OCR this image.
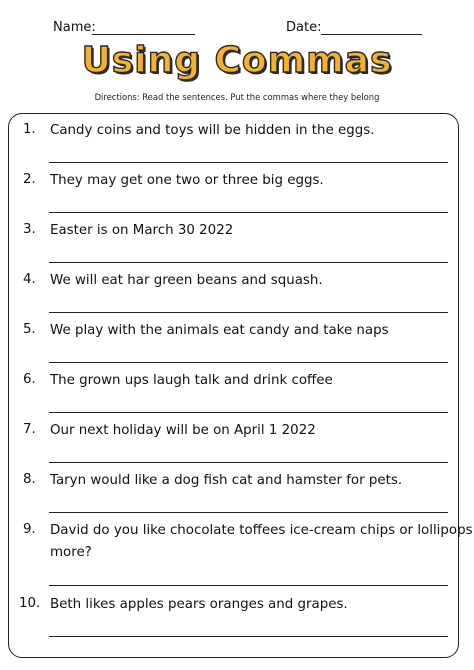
Name:	Date:
Using Commas
Directions: Read the sentences. Put the commas where they belong
1. Candy coins and toys will be hidden in the eggs.
2. They may get one two or three big eggs.
3. Easter is on March 30 2022
4. We will eat har green beans and squash.
5. We play with the animals eat candy and take naps
6. The grown ups laugh talk and drink coffee
7. Our next holiday will be on April 1 2022
8. Taryn would like a dog fish cat and hamster for pets.
9. David do you like chocolate toffees ice-cream chips or lollipops
more?
10. Beth likes apples pears oranges and grapes.
